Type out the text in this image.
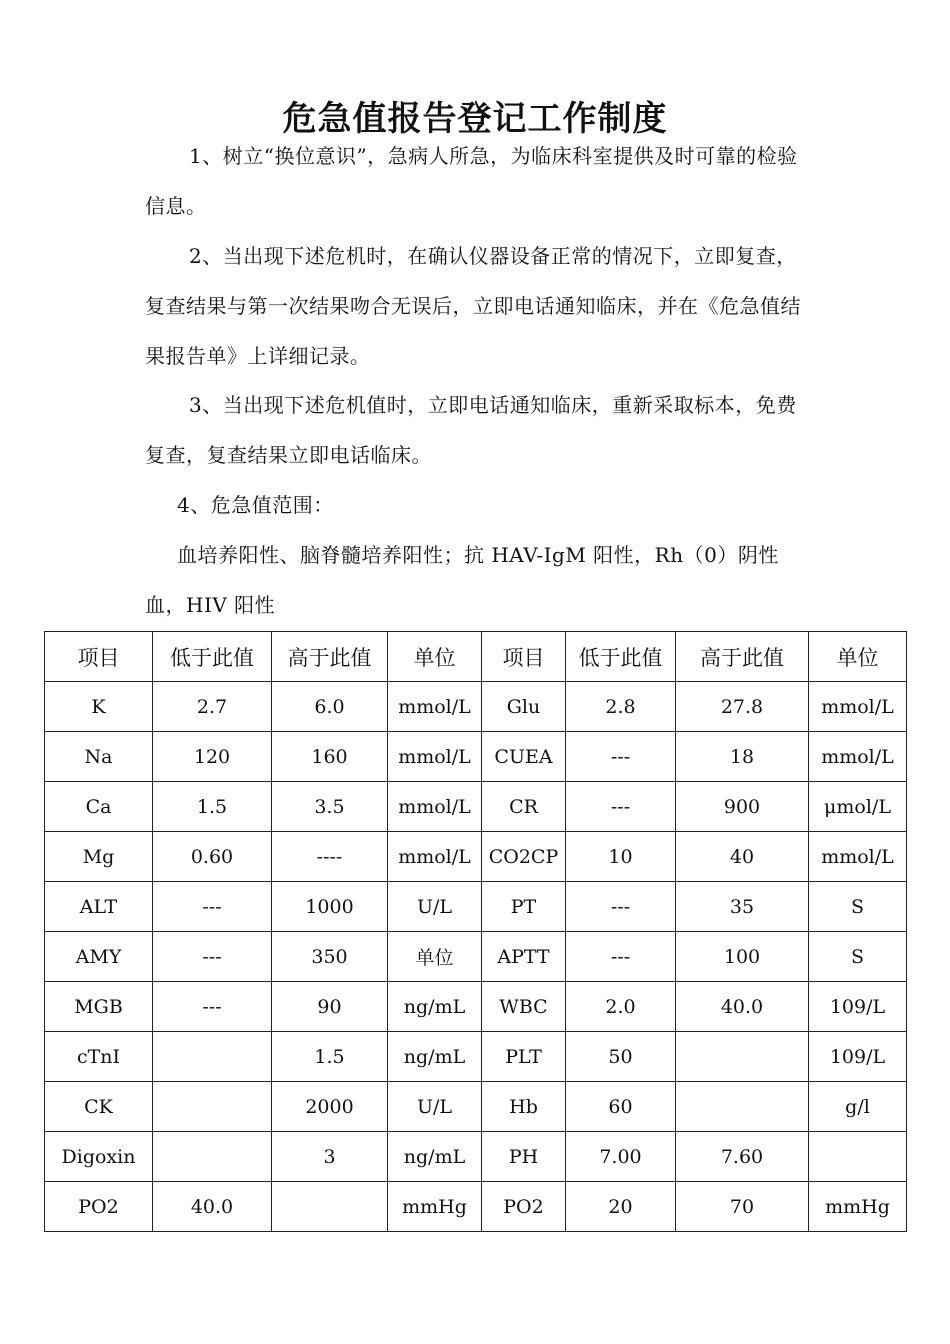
危急值报告登记工作制度
1、树立“换位意识”，急病人所急，为临床科室提供及时可靠的检验信息。
2、当出现下述危机时，在确认仪器设备正常的情况下，立即复查，复查结果与第一次结果吻合无误后，立即电话通知临床，并在《危急值结果报告单》上详细记录。
3、当出现下述危机值时，立即电话通知临床，重新采取标本，免费复查，复查结果立即电话临床。
4、危急值范围：
血培养阳性、脑脊髓培养阳性；抗 HAV-IgM 阳性，Rh（0）阴性血，HIV 阳性
项目	低于此值	高于此值	单位	项目	低于此值	高于此值	单位
K	2.7	6.0	mmol/L	Glu	2.8	27.8	mmol/L
Na	120	160	mmol/L	CUEA	---	18	mmol/L
Ca	1.5	3.5	mmol/L	CR	---	900	μmol/L
Mg	0.60	----	mmol/L	CO2CP	10	40	mmol/L
ALT	---	1000	U/L	PT	---	35	S
AMY	---	350	单位	APTT	---	100	S
MGB	---	90	ng/mL	WBC	2.0	40.0	109/L
cTnI		1.5	ng/mL	PLT	50		109/L
CK		2000	U/L	Hb	60		g/l
Digoxin		3	ng/mL	PH	7.00	7.60	
PO2	40.0		mmHg	PO2	20	70	mmHg
